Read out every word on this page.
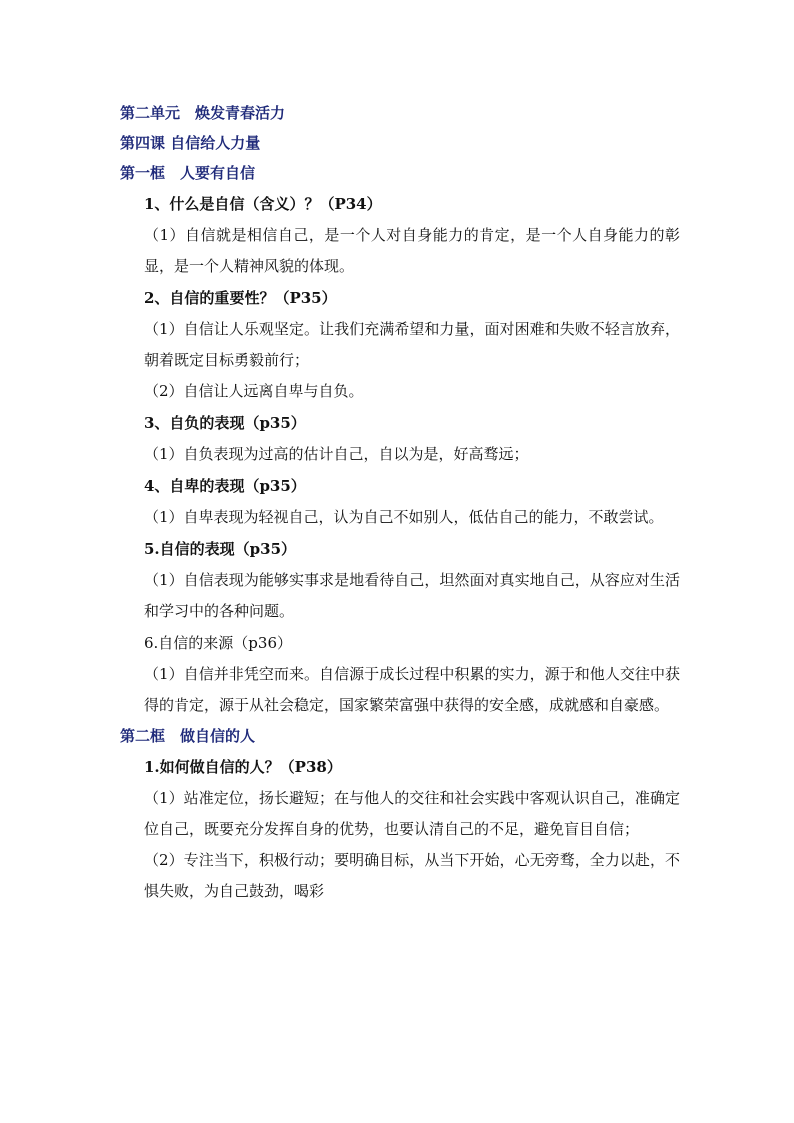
第二单元　焕发青春活力
第四课 自信给人力量
第一框　人要有自信
1、什么是自信（含义）？（P34）
（1）自信就是相信自己，是一个人对自身能力的肯定，是一个人自身能力的彰显，是一个人精神风貌的体现。
2、自信的重要性？（P35）
（1）自信让人乐观坚定。让我们充满希望和力量，面对困难和失败不轻言放弃，朝着既定目标勇毅前行；
（2）自信让人远离自卑与自负。
3、自负的表现（p35）
（1）自负表现为过高的估计自己，自以为是，好高骛远；
4、自卑的表现（p35）
（1）自卑表现为轻视自己，认为自己不如别人，低估自己的能力，不敢尝试。
5.自信的表现（p35）
（1）自信表现为能够实事求是地看待自己，坦然面对真实地自己，从容应对生活和学习中的各种问题。
6.自信的来源（p36）
（1）自信并非凭空而来。自信源于成长过程中积累的实力，源于和他人交往中获得的肯定，源于从社会稳定，国家繁荣富强中获得的安全感，成就感和自豪感。
第二框　做自信的人
1.如何做自信的人？（P38）
（1）站准定位，扬长避短；在与他人的交往和社会实践中客观认识自己，准确定位自己，既要充分发挥自身的优势，也要认清自己的不足，避免盲目自信；
（2）专注当下，积极行动；要明确目标，从当下开始，心无旁骛，全力以赴，不惧失败，为自己鼓劲，喝彩
